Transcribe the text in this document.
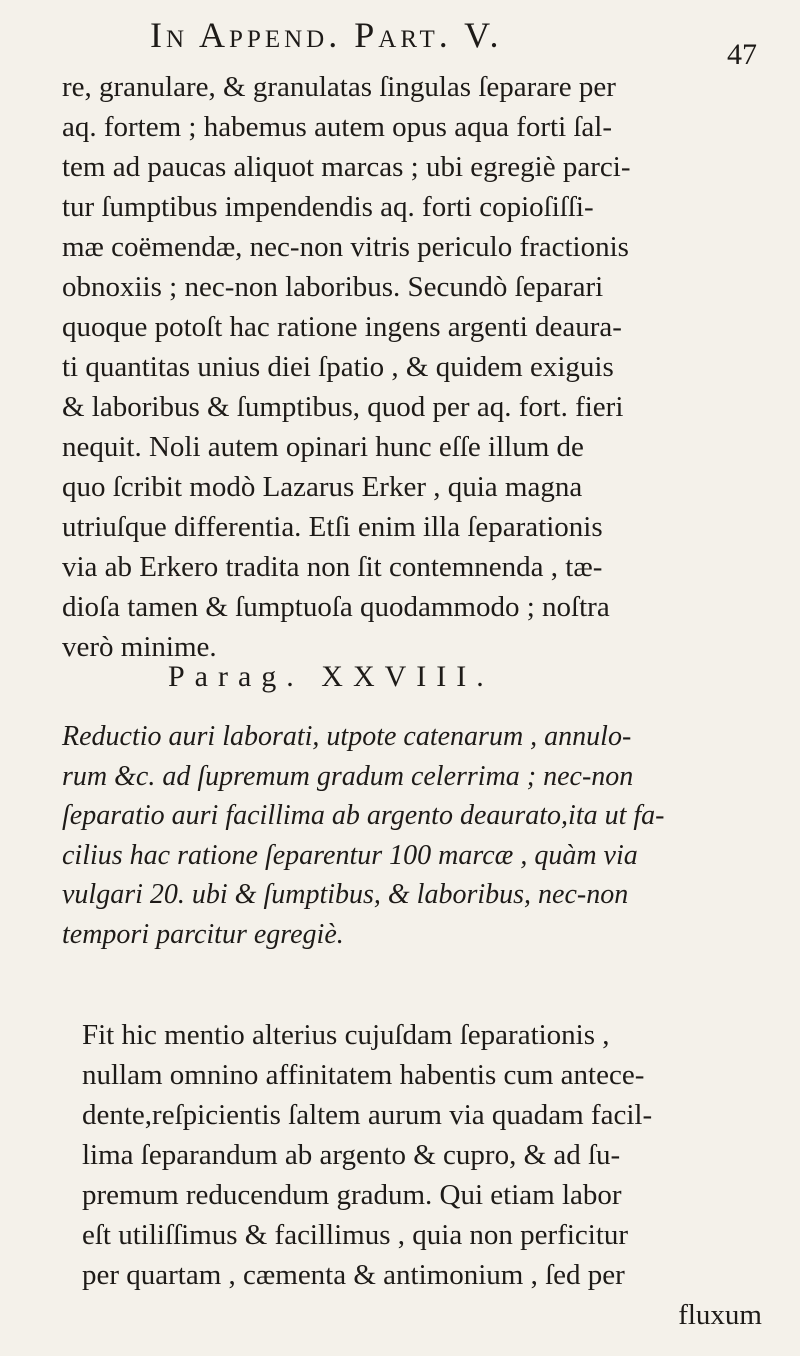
In Append. Part. V.	47
re, granulare, & granulatas ſingulas ſeparare per
aq. fortem ; habemus autem opus aqua forti ſal-
tem ad paucas aliquot marcas ; ubi egregiè parci-
tur ſumptibus impendendis aq. forti copioſiſſi-
mæ coëmendæ, nec-non vitris periculo fractionis
obnoxiis ; nec-non laboribus. Secundò ſeparari
quoque potoſt hac ratione ingens argenti deaura-
ti quantitas unius diei ſpatio , & quidem exiguis
& laboribus & ſumptibus, quod per aq. fort. fieri
nequit. Noli autem opinari hunc eſſe illum de
quo ſcribit modò Lazarus Erker , quia magna
utriuſque differentia. Etſi enim illa ſeparationis
via ab Erkero tradita non ſit contemnenda , tæ-
dioſa tamen & ſumptuoſa quodammodo ; noſtra
verò minime.
Parag. XXVIII.
Reductio auri laborati, utpote catenarum , annulo-
rum &c. ad ſupremum gradum celerrima ; nec-non
ſeparatio auri facillima ab argento deaurato,ita ut fa-
cilius hac ratione ſeparentur 100 marcæ , quàm via
vulgari 20. ubi & ſumptibus, & laboribus, nec-non
tempori parcitur egregiè.
Fit hic mentio alterius cujuſdam ſeparationis ,
nullam omnino affinitatem habentis cum antece-
dente,reſpicientis ſaltem aurum via quadam facil-
lima ſeparandum ab argento & cupro, & ad ſu-
premum reducendum gradum. Qui etiam labor
eſt utiliſſimus & facillimus , quia non perficitur
per quartam , cæmenta & antimonium , ſed per
fluxum
